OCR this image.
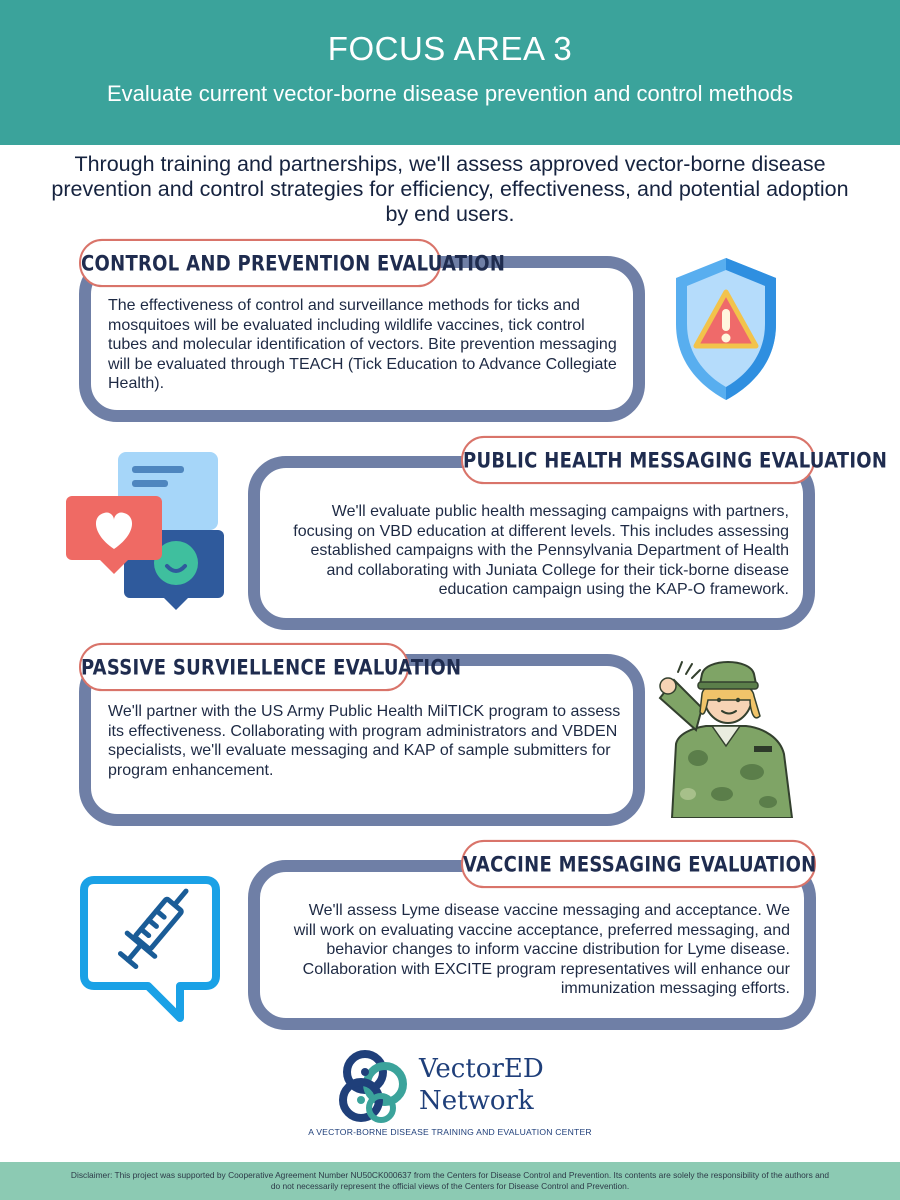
FOCUS AREA 3
Evaluate current vector-borne disease prevention and control methods
Through training and partnerships, we'll assess approved vector-borne disease prevention and control strategies for efficiency, effectiveness, and potential adoption by end users.
The effectiveness of control and surveillance methods for ticks and mosquitoes will be evaluated including wildlife vaccines, tick control tubes and molecular identification of vectors. Bite prevention messaging will be evaluated through TEACH (Tick Education to Advance Collegiate Health).
CONTROL AND PREVENTION EVALUATION
We'll evaluate public health messaging campaigns with partners, focusing on VBD education at different levels. This includes assessing established campaigns with the Pennsylvania Department of Health and collaborating with Juniata College for their tick-borne disease education campaign using the KAP-O framework.
PUBLIC HEALTH MESSAGING EVALUATION
We'll partner with the US Army Public Health MilTICK program to assess its effectiveness. Collaborating with program administrators and VBDEN specialists, we'll evaluate messaging and KAP of sample submitters for program enhancement.
PASSIVE SURVIELLENCE EVALUATION
We'll assess Lyme disease vaccine messaging and acceptance. We will work on evaluating vaccine acceptance, preferred messaging, and behavior changes to inform vaccine distribution for Lyme disease. Collaboration with EXCITE program representatives will enhance our immunization messaging efforts.
VACCINE MESSAGING EVALUATION
VectorED
Network
A VECTOR-BORNE DISEASE TRAINING AND EVALUATION CENTER
Disclaimer: This project was supported by Cooperative Agreement Number NU50CK000637 from the Centers for Disease Control and Prevention. Its contents are solely the responsibility of the authors and do not necessarily represent the official views of the Centers for Disease Control and Prevention.
